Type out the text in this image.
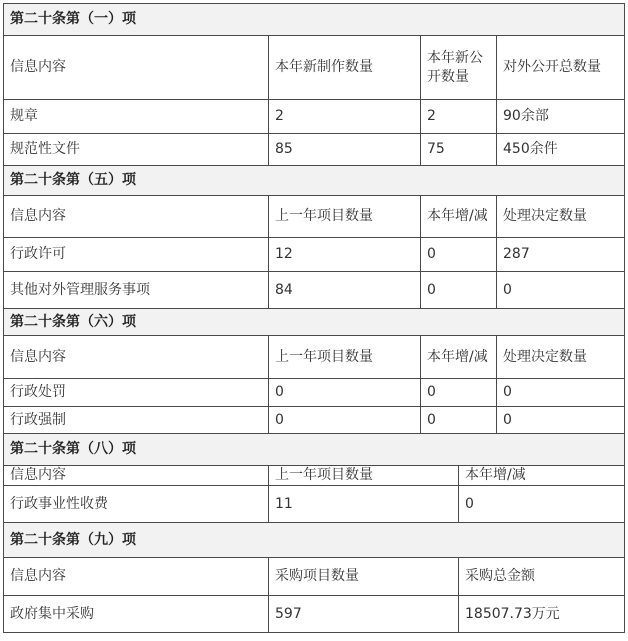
第二十条第（一）项				
信息内容	本年新制作数量	本年新公开数量		对外公开总数量
规章	2	2		90余部
规范性文件	85	75		450余件
第二十条第（五）项				
信息内容	上一年项目数量	本年增/减		处理决定数量
行政许可	12	0		287
其他对外管理服务事项	84	0		0
第二十条第（六）项				
信息内容	上一年项目数量	本年增/减		处理决定数量
行政处罚	0	0		0
行政强制	0	0		0
第二十条第（八）项				
信息内容	上一年项目数量		本年增/减	
行政事业性收费	11		0	
第二十条第（九）项				
信息内容	采购项目数量		采购总金额	
政府集中采购	597		18507.73万元	
